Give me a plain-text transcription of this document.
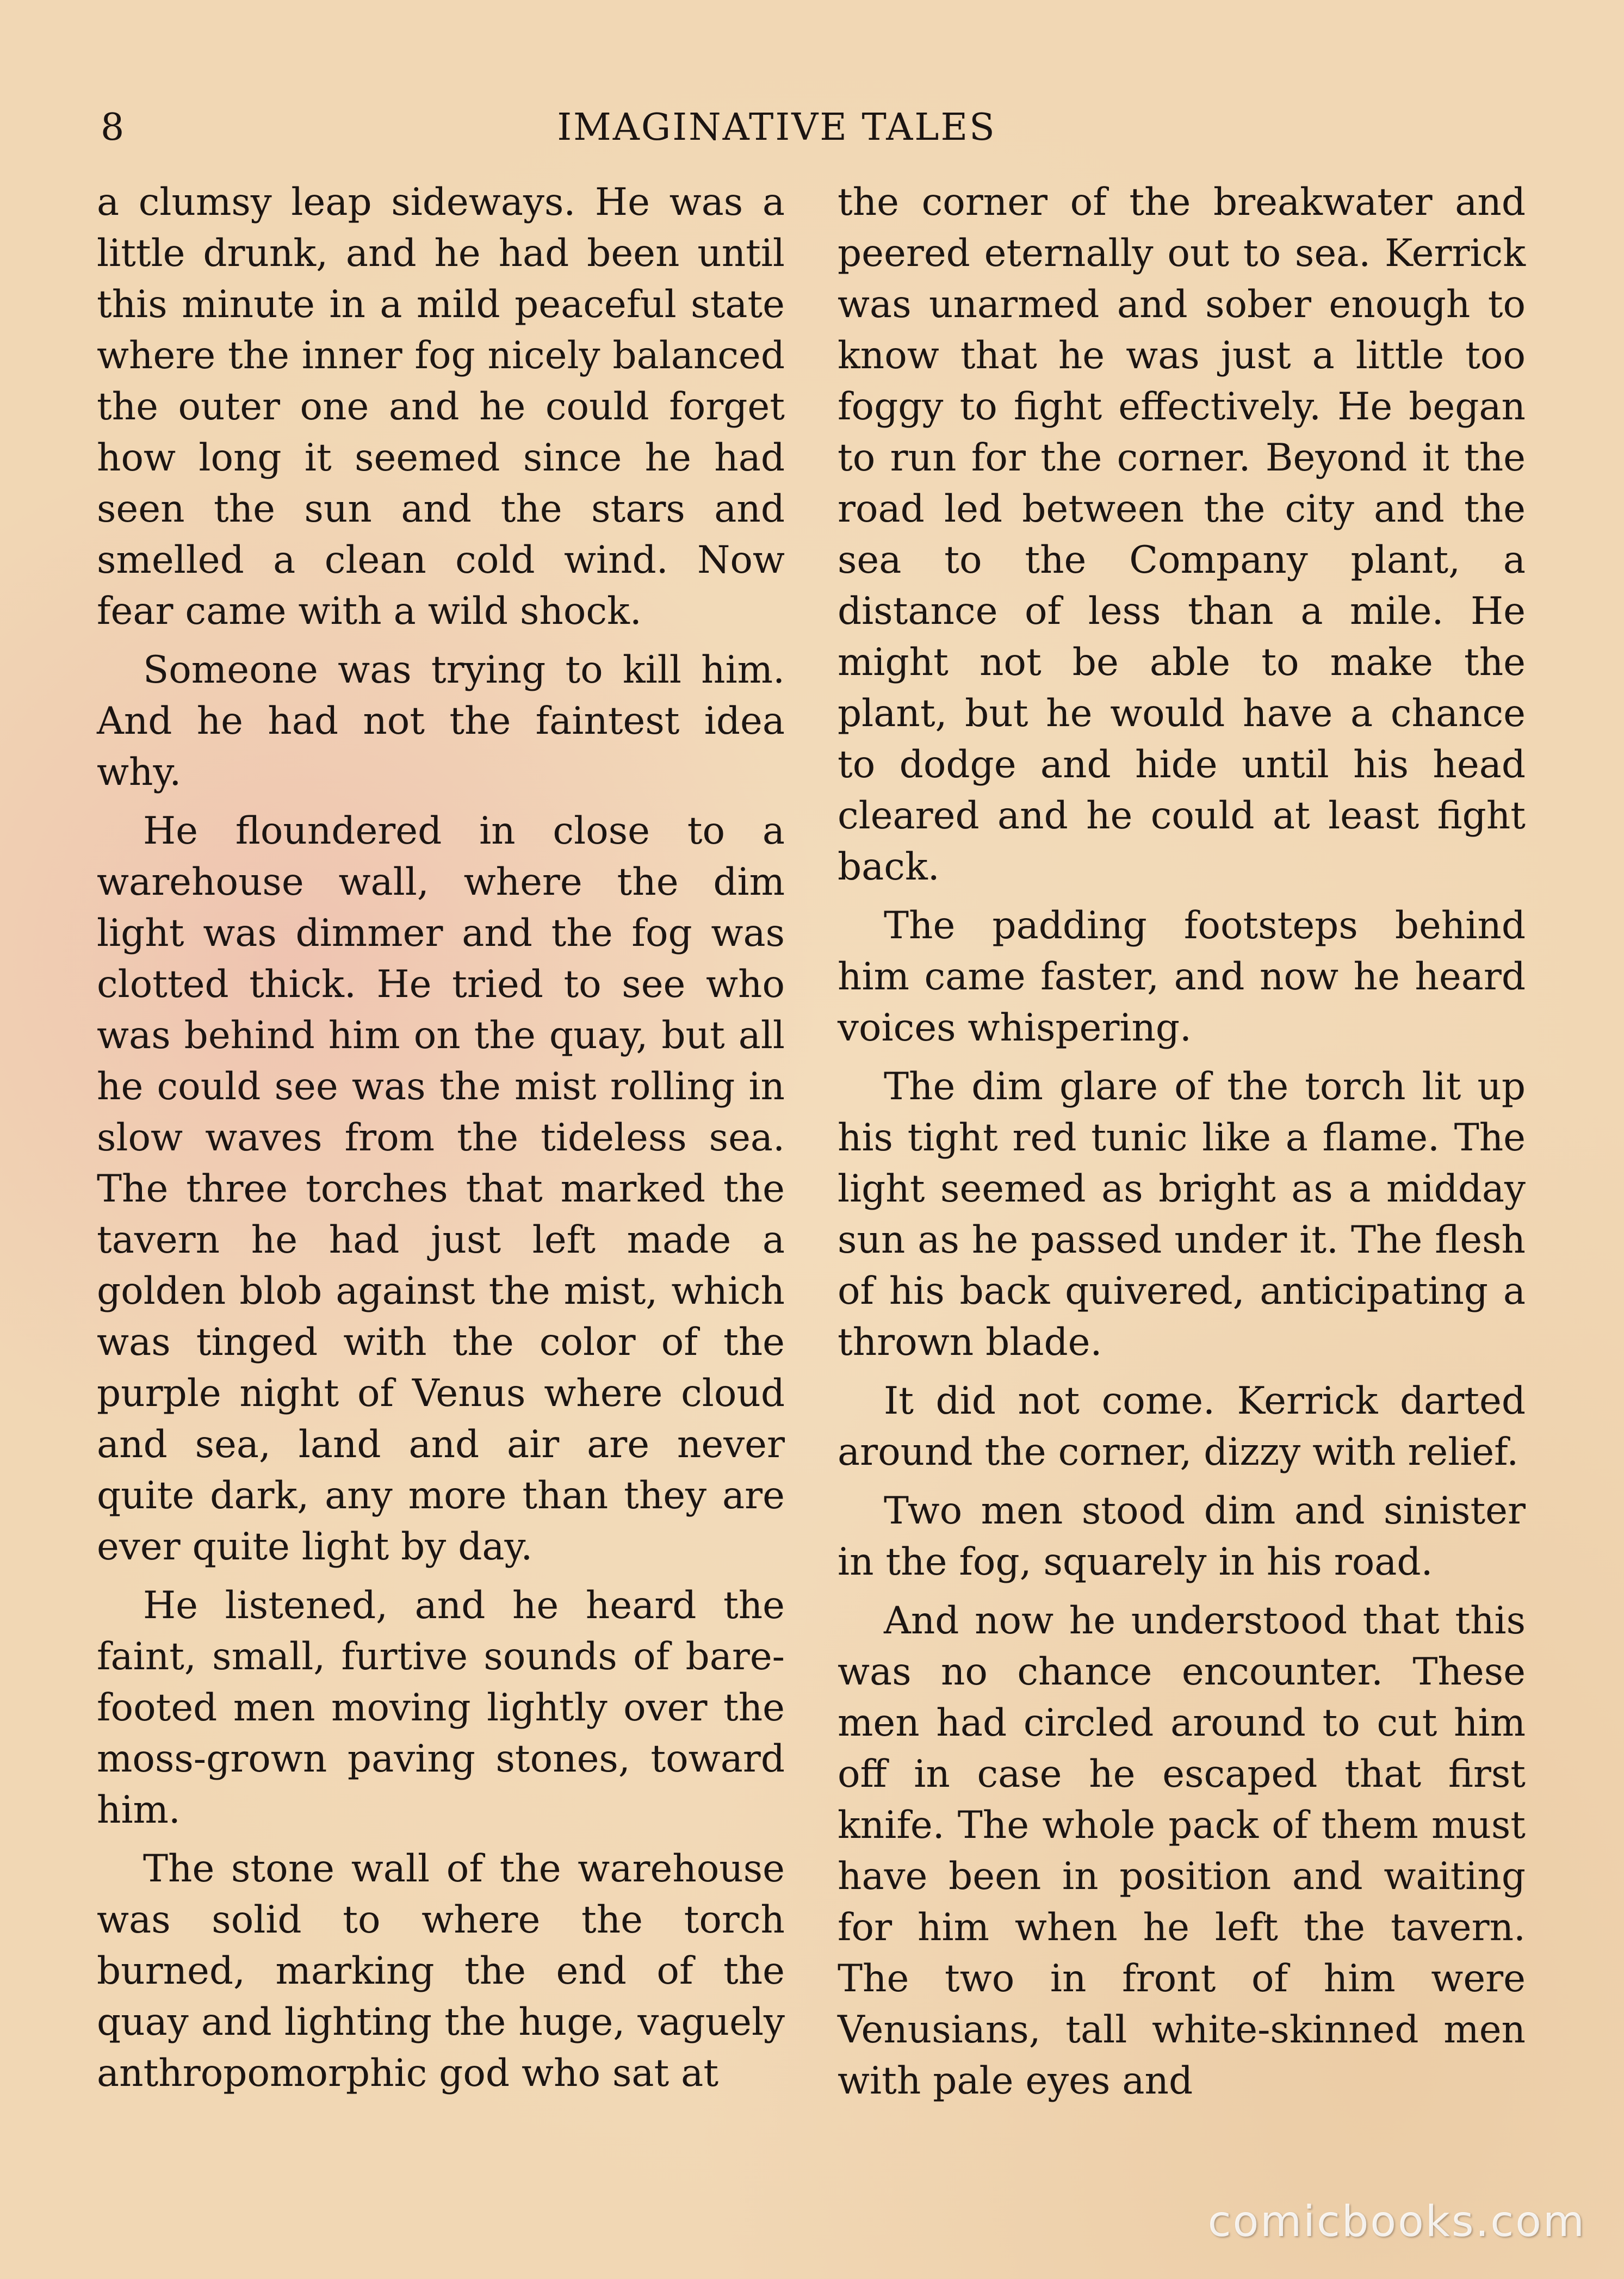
8	IMAGINATIVE TALES

a clumsy leap sideways. He was a little drunk, and he had been until this minute in a mild peaceful state where the inner fog nicely balanced the outer one and he could forget how long it seemed since he had seen the sun and the stars and smelled a clean cold wind. Now fear came with a wild shock.

Someone was trying to kill him. And he had not the faintest idea why.

He floundered in close to a warehouse wall, where the dim light was dimmer and the fog was clotted thick. He tried to see who was behind him on the quay, but all he could see was the mist rolling in slow waves from the tideless sea. The three torches that marked the tavern he had just left made a golden blob against the mist, which was tinged with the color of the purple night of Venus where cloud and sea, land and air are never quite dark, any more than they are ever quite light by day.

He listened, and he heard the faint, small, furtive sounds of bare-footed men moving lightly over the moss-grown paving stones, toward him.

The stone wall of the warehouse was solid to where the torch burned, marking the end of the quay and lighting the huge, vaguely anthropomorphic god who sat at

the corner of the breakwater and peered eternally out to sea. Kerrick was unarmed and sober enough to know that he was just a little too foggy to fight effectively. He began to run for the corner. Beyond it the road led between the city and the sea to the Company plant, a distance of less than a mile. He might not be able to make the plant, but he would have a chance to dodge and hide until his head cleared and he could at least fight back.

The padding footsteps behind him came faster, and now he heard voices whispering.

The dim glare of the torch lit up his tight red tunic like a flame. The light seemed as bright as a midday sun as he passed under it. The flesh of his back quivered, anticipating a thrown blade.

It did not come. Kerrick darted around the corner, dizzy with relief.

Two men stood dim and sinister in the fog, squarely in his road.

And now he understood that this was no chance encounter. These men had circled around to cut him off in case he escaped that first knife. The whole pack of them must have been in position and waiting for him when he left the tavern. The two in front of him were Venusians, tall white-skinned men with pale eyes and

comicbooks.com
